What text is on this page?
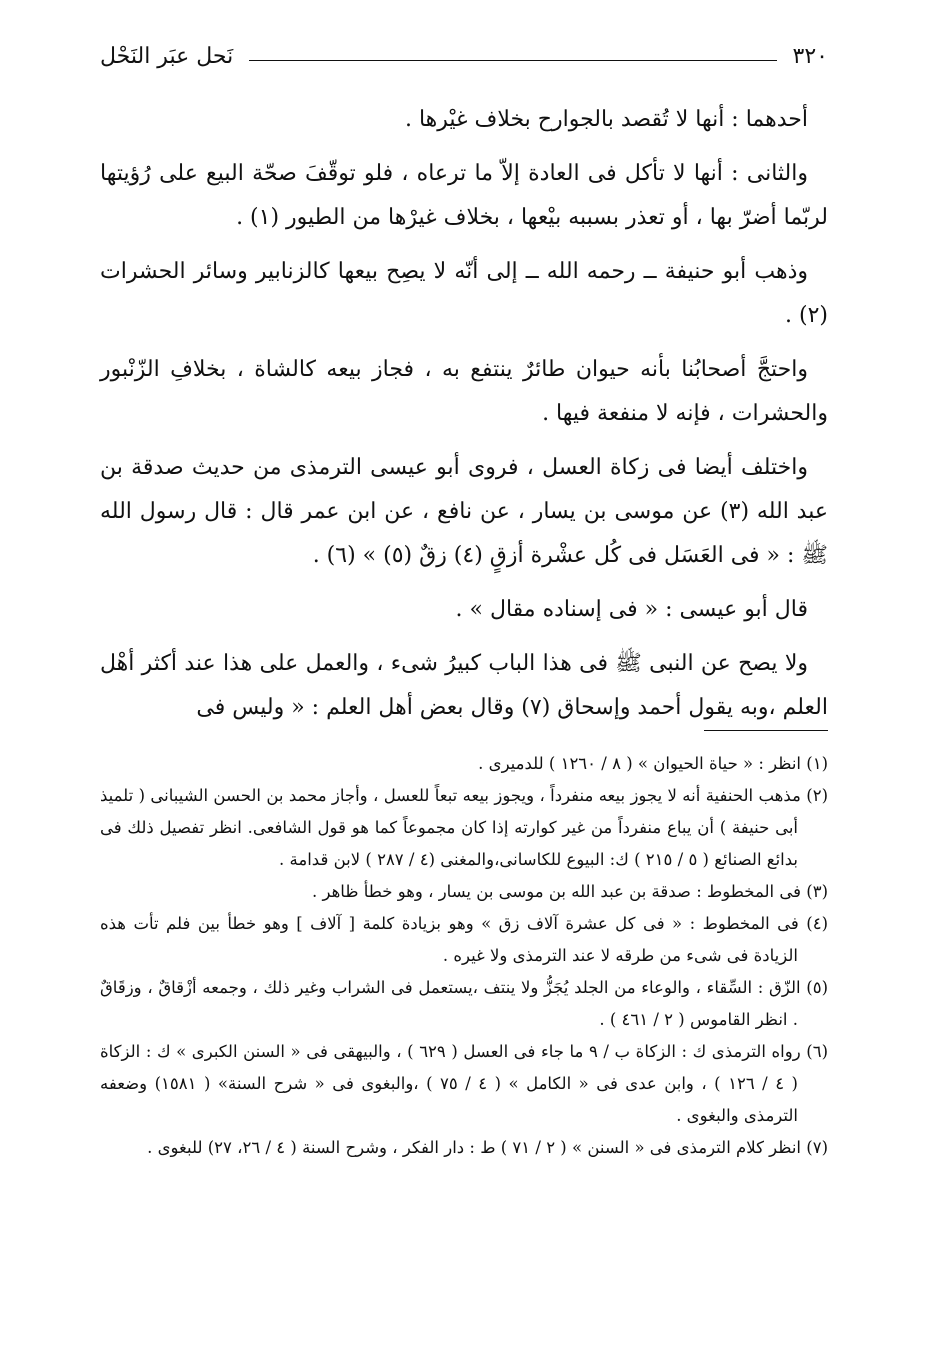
٣٢٠
نَحل عبَر النَحْل

أحدهما : أنها لا تُقصد بالجوارح بخلاف غيْرها .

والثانى : أنها لا تأكل فى العادة إلاّ ما ترعاه ، فلو توقّفَ صحّة البيع على رُؤيتها لربّما أضرّ بها ، أو تعذر بسببه بيْعها ، بخلاف غيرْها من الطيور (١) .

وذهب أبو حنيفة ــ رحمه الله ــ إلى أنّه لا يصِح بيعها كالزنابير وسائر الحشرات (٢) .

واحتجَّ أصحابُنا بأنه حيوان طائرٌ ينتفع به ، فجاز بيعه كالشاة ، بخلافِ الزّنْبور والحشرات ، فإنه لا منفعة فيها .

واختلف أيضا فى زكاة العسل ، فروى أبو عيسى الترمذى من حديث صدقة بن عبد الله (٣) عن موسى بن يسار ، عن نافع ، عن ابن عمر قال : قال رسول الله ﷺ : « فى العَسَل فى كُل عشْرة أزقٍ (٤) زقٌ (٥) » (٦) .

قال أبو عيسى : « فى إسناده مقال » .

ولا يصح عن النبى ﷺ فى هذا الباب كبيرُ شىء ، والعمل على هذا عند أكثر أهْل العلم ،وبه يقول أحمد وإسحاق (٧) وقال بعض أهل العلم : « وليس فى

(١) انظر : « حياة الحيوان » ( ٨ / ١٢٦٠ ) للدميرى .

(٢) مذهب الحنفية أنه لا يجوز بيعه منفرداً ، ويجوز بيعه تبعاً للعسل ، وأجاز محمد بن الحسن الشيبانى ( تلميذ أبى حنيفة ) أن يباع منفرداً من غير كوارته إذا كان مجموعاً كما هو قول الشافعى. انظر تفصيل ذلك فى بدائع الصنائع ( ٥ / ٢١٥ ) ك: البيوع للكاسانى،والمغنى (٤ / ٢٨٧ ) لابن قدامة .

(٣) فى المخطوط : صدقة بن عبد الله بن موسى بن يسار ، وهو خطأ ظاهر .

(٤) فى المخطوط : « فى كل عشرة آلاف زق » وهو بزيادة كلمة [ آلاف ] وهو خطأ بين فلم تأت هذه الزيادة فى شىء من طرقه لا عند الترمذى ولا غيره .

(٥) الزّق : السِّقاء ، والوعاء من الجلد يُجَزُّ ولا ينتف ،يستعمل فى الشراب وغير ذلك ، وجمعه أزْقاقٌ ، وزقَاقٌ . انظر القاموس ( ٢ / ٤٦١ ) .

(٦) رواه الترمذى ك : الزكاة ب / ٩ ما جاء فى العسل ( ٦٢٩ ) ، والبيهقى فى « السنن الكبرى » ك : الزكاة ( ٤ / ١٢٦ ) ، وابن عدى فى « الكامل » ( ٤ / ٧٥ ) ،والبغوى فى « شرح السنة» ( ١٥٨١) وضعفه الترمذى والبغوى .

(٧) انظر كلام الترمذى فى « السنن » ( ٢ / ٧١ ) ط : دار الفكر ، وشرح السنة ( ٤ / ٢٦، ٢٧) للبغوى .
